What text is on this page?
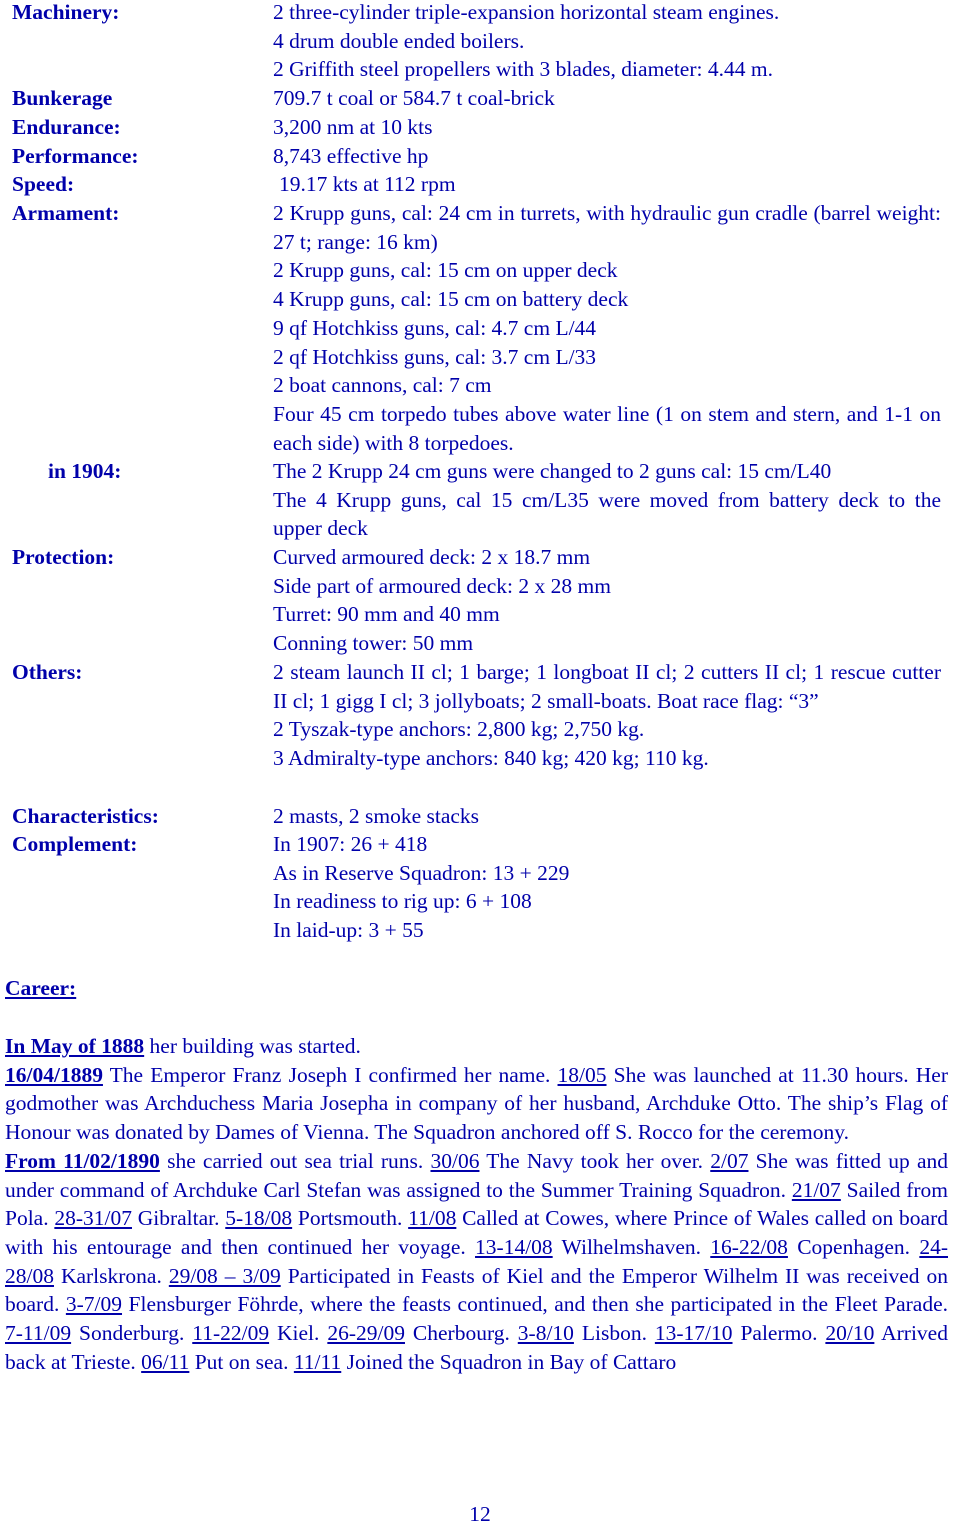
Machinery:	2 three-cylinder triple-expansion horizontal steam engines.
4 drum double ended boilers.
2 Griffith steel propellers with 3 blades, diameter: 4.44 m.
Bunkerage	709.7 t coal or 584.7 t coal-brick
Endurance:	3,200 nm at 10 kts
Performance:	8,743 effective hp
Speed:	19.17 kts at 112 rpm
Armament:	2 Krupp guns, cal: 24 cm in turrets, with hydraulic gun cradle (barrel weight: 27 t; range: 16 km)
2 Krupp guns, cal: 15 cm on upper deck
4 Krupp guns, cal: 15 cm on battery deck
9 qf Hotchkiss guns, cal: 4.7 cm L/44
2 qf Hotchkiss guns, cal: 3.7 cm L/33
2 boat cannons, cal: 7 cm
Four 45 cm torpedo tubes above water line (1 on stem and stern, and 1-1 on each side) with 8 torpedoes.
in 1904:	The 2 Krupp 24 cm guns were changed to 2 guns cal: 15 cm/L40
The 4 Krupp guns, cal 15 cm/L35 were moved from battery deck to the upper deck
Protection:	Curved armoured deck: 2 x 18.7 mm
Side part of armoured deck: 2 x 28 mm
Turret: 90 mm and 40 mm
Conning tower: 50 mm
Others:	2 steam launch II cl; 1 barge; 1 longboat II cl; 2 cutters II cl; 1 rescue cutter II cl; 1 gigg I cl; 3 jollyboats; 2 small-boats. Boat race flag: “3”
2 Tyszak-type anchors: 2,800 kg; 2,750 kg.
3 Admiralty-type anchors: 840 kg; 420 kg; 110 kg.
Characteristics:	2 masts, 2 smoke stacks
Complement:	In 1907: 26 + 418
As in Reserve Squadron: 13 + 229
In readiness to rig up: 6 + 108
In laid-up: 3 + 55
Career:

In May of 1888 her building was started.

16/04/1889 The Emperor Franz Joseph I confirmed her name. 18/05 She was launched at 11.30 hours. Her godmother was Archduchess Maria Josepha in company of her husband, Archduke Otto. The ship’s Flag of Honour was donated by Dames of Vienna. The Squadron anchored off S. Rocco for the ceremony.

From 11/02/1890 she carried out sea trial runs. 30/06 The Navy took her over. 2/07 She was fitted up and under command of Archduke Carl Stefan was assigned to the Summer Training Squadron. 21/07 Sailed from Pola. 28-31/07 Gibraltar. 5-18/08 Portsmouth. 11/08 Called at Cowes, where Prince of Wales called on board with his entourage and then continued her voyage. 13-14/08 Wilhelmshaven. 16-22/08 Copenhagen. 24-28/08 Karlskrona. 29/08 – 3/09 Participated in Feasts of Kiel and the Emperor Wilhelm II was received on board. 3-7/09 Flensburger Föhrde, where the feasts continued, and then she participated in the Fleet Parade. 7-11/09 Sonderburg. 11-22/09 Kiel. 26-29/09 Cherbourg. 3-8/10 Lisbon. 13-17/10 Palermo. 20/10 Arrived back at Trieste. 06/11 Put on sea. 11/11 Joined the Squadron in Bay of Cattaro

12
